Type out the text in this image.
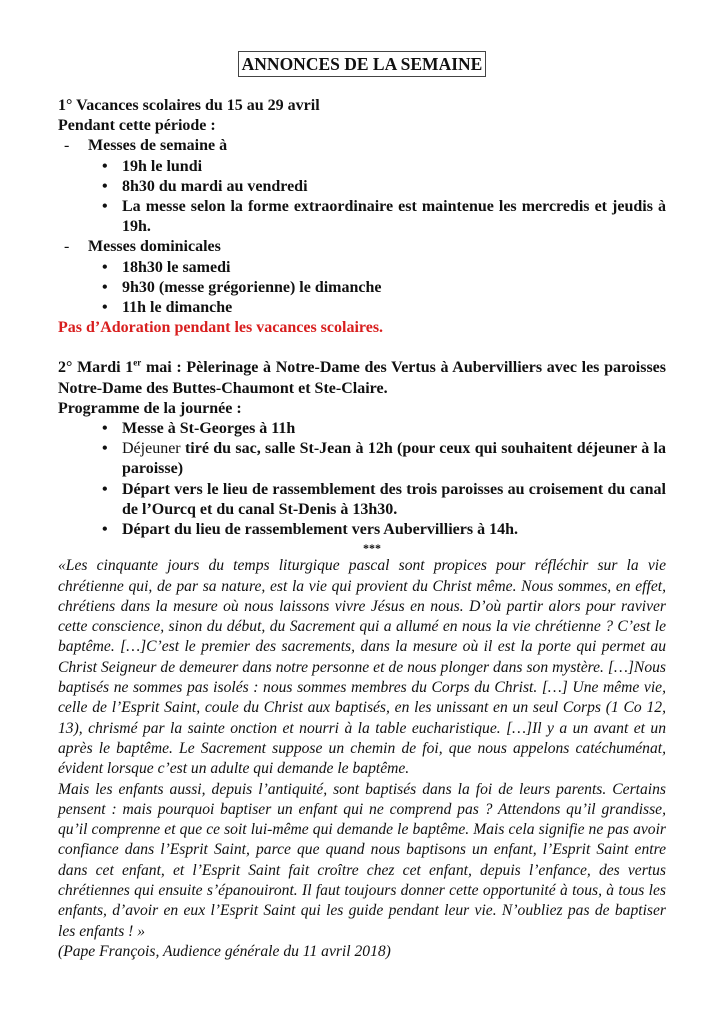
ANNONCES DE LA SEMAINE
1° Vacances scolaires du 15 au 29 avril
Pendant cette période :
- Messes de semaine à
• 19h le lundi
• 8h30 du mardi au vendredi
• La messe selon la forme extraordinaire est maintenue les mercredis et jeudis à 19h.
- Messes dominicales
• 18h30 le samedi
• 9h30 (messe grégorienne) le dimanche
• 11h le dimanche
Pas d’Adoration pendant les vacances scolaires.
2° Mardi 1er mai : Pèlerinage à Notre-Dame des Vertus à Aubervilliers avec les paroisses Notre-Dame des Buttes-Chaumont et Ste-Claire.
Programme de la journée :
• Messe à St-Georges à 11h
• Déjeuner tiré du sac, salle St-Jean à 12h (pour ceux qui souhaitent déjeuner à la paroisse)
• Départ vers le lieu de rassemblement des trois paroisses au croisement du canal de l’Ourcq et du canal St-Denis à 13h30.
• Départ du lieu de rassemblement vers Aubervilliers à 14h.
***
«Les cinquante jours du temps liturgique pascal sont propices pour réfléchir sur la vie chrétienne qui, de par sa nature, est la vie qui provient du Christ même. Nous sommes, en effet, chrétiens dans la mesure où nous laissons vivre Jésus en nous. D’où partir alors pour raviver cette conscience, sinon du début, du Sacrement qui a allumé en nous la vie chrétienne ? C’est le baptême. […]C’est le premier des sacrements, dans la mesure où il est la porte qui permet au Christ Seigneur de demeurer dans notre personne et de nous plonger dans son mystère. […]Nous baptisés ne sommes pas isolés : nous sommes membres du Corps du Christ. […] Une même vie, celle de l’Esprit Saint, coule du Christ aux baptisés, en les unissant en un seul Corps (1 Co 12, 13), chrismé par la sainte onction et nourri à la table eucharistique. […]Il y a un avant et un après le baptême. Le Sacrement suppose un chemin de foi, que nous appelons catéchuménat, évident lorsque c’est un adulte qui demande le baptême.
Mais les enfants aussi, depuis l’antiquité, sont baptisés dans la foi de leurs parents. Certains pensent : mais pourquoi baptiser un enfant qui ne comprend pas ? Attendons qu’il grandisse, qu’il comprenne et que ce soit lui-même qui demande le baptême. Mais cela signifie ne pas avoir confiance dans l’Esprit Saint, parce que quand nous baptisons un enfant, l’Esprit Saint entre dans cet enfant, et l’Esprit Saint fait croître chez cet enfant, depuis l’enfance, des vertus chrétiennes qui ensuite s’épanouiront. Il faut toujours donner cette opportunité à tous, à tous les enfants, d’avoir en eux l’Esprit Saint qui les guide pendant leur vie. N’oubliez pas de baptiser les enfants ! »
(Pape François, Audience générale du 11 avril 2018)
